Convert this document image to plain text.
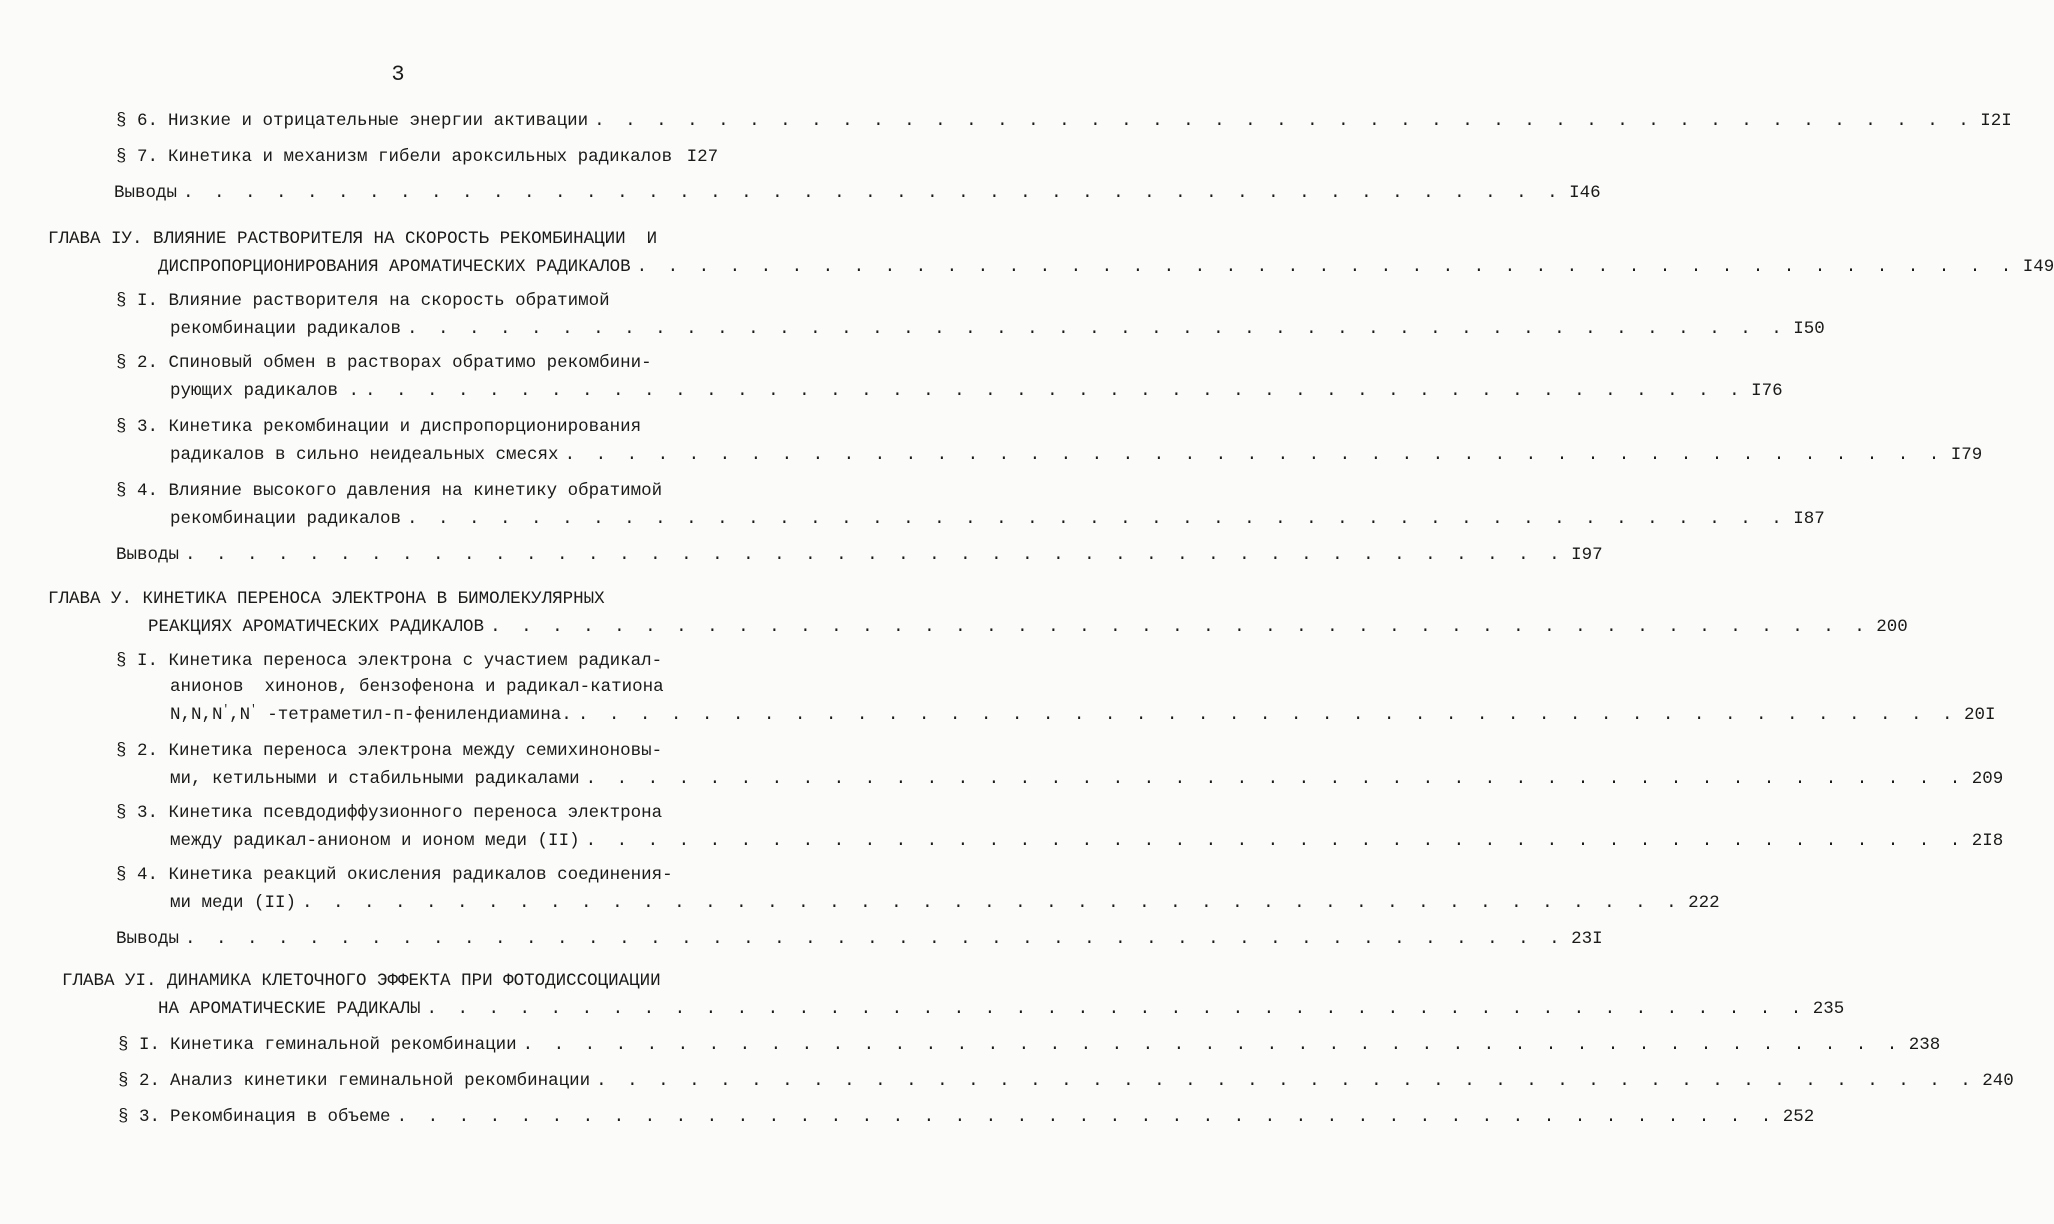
3
§ 6. Низкие и отрицательные энергии активации . . . . . . . . . . . . . . . . . . . . . . . . . . . . . . . . . . . . . . . . . . . . . I2I
§ 7. Кинетика и механизм гибели ароксильных радикалов I27
Выводы . . . . . . . . . . . . . . . . . . . . . . . . . . . . . . . . . . . . . . . . . . . . . I46
ГЛАВА IУ. ВЛИЯНИЕ РАСТВОРИТЕЛЯ НА СКОРОСТЬ РЕКОМБИНАЦИИ  И
ДИСПРОПОРЦИОНИРОВАНИЯ АРОМАТИЧЕСКИХ РАДИКАЛОВ . . . . . . . . . . . . . . . . . . . . . . . . . . . . . . . . . . . . . . . . . . . . . I49
§ I. Влияние растворителя на скорость обратимой
рекомбинации радикалов . . . . . . . . . . . . . . . . . . . . . . . . . . . . . . . . . . . . . . . . . . . . . I50
§ 2. Спиновый обмен в растворах обратимо рекомбини-
рующих радикалов . . . . . . . . . . . . . . . . . . . . . . . . . . . . . . . . . . . . . . . . . . . . . . I76
§ 3. Кинетика рекомбинации и диспропорционирования
радикалов в сильно неидеальных смесях . . . . . . . . . . . . . . . . . . . . . . . . . . . . . . . . . . . . . . . . . . . . . I79
§ 4. Влияние высокого давления на кинетику обратимой
рекомбинации радикалов . . . . . . . . . . . . . . . . . . . . . . . . . . . . . . . . . . . . . . . . . . . . . I87
Выводы . . . . . . . . . . . . . . . . . . . . . . . . . . . . . . . . . . . . . . . . . . . . . I97
ГЛАВА У. КИНЕТИКА ПЕРЕНОСА ЭЛЕКТРОНА В БИМОЛЕКУЛЯРНЫХ
РЕАКЦИЯХ АРОМАТИЧЕСКИХ РАДИКАЛОВ . . . . . . . . . . . . . . . . . . . . . . . . . . . . . . . . . . . . . . . . . . . . . 200
§ I. Кинетика переноса электрона с участием радикал-
анионов  хинонов, бензофенона и радикал-катиона
N,N,N',N' -тетраметил-п-фенилендиамина. . . . . . . . . . . . . . . . . . . . . . . . . . . . . . . . . . . . . . . . . . . . . . 20I
§ 2. Кинетика переноса электрона между семихиноновы-
ми, кетильными и стабильными радикалами . . . . . . . . . . . . . . . . . . . . . . . . . . . . . . . . . . . . . . . . . . . . . 209
§ 3. Кинетика псевдодиффузионного переноса электрона
между радикал-анионом и ионом меди (II) . . . . . . . . . . . . . . . . . . . . . . . . . . . . . . . . . . . . . . . . . . . . . 2I8
§ 4. Кинетика реакций окисления радикалов соединения-
ми меди (II) . . . . . . . . . . . . . . . . . . . . . . . . . . . . . . . . . . . . . . . . . . . . . 222
Выводы . . . . . . . . . . . . . . . . . . . . . . . . . . . . . . . . . . . . . . . . . . . . . 23I
ГЛАВА УI. ДИНАМИКА КЛЕТОЧНОГО ЭФФЕКТА ПРИ ФОТОДИССОЦИАЦИИ
НА АРОМАТИЧЕСКИЕ РАДИКАЛЫ . . . . . . . . . . . . . . . . . . . . . . . . . . . . . . . . . . . . . . . . . . . . . 235
§ I. Кинетика геминальной рекомбинации . . . . . . . . . . . . . . . . . . . . . . . . . . . . . . . . . . . . . . . . . . . . . 238
§ 2. Анализ кинетики геминальной рекомбинации . . . . . . . . . . . . . . . . . . . . . . . . . . . . . . . . . . . . . . . . . . . . . 240
§ 3. Рекомбинация в объеме . . . . . . . . . . . . . . . . . . . . . . . . . . . . . . . . . . . . . . . . . . . . . 252
